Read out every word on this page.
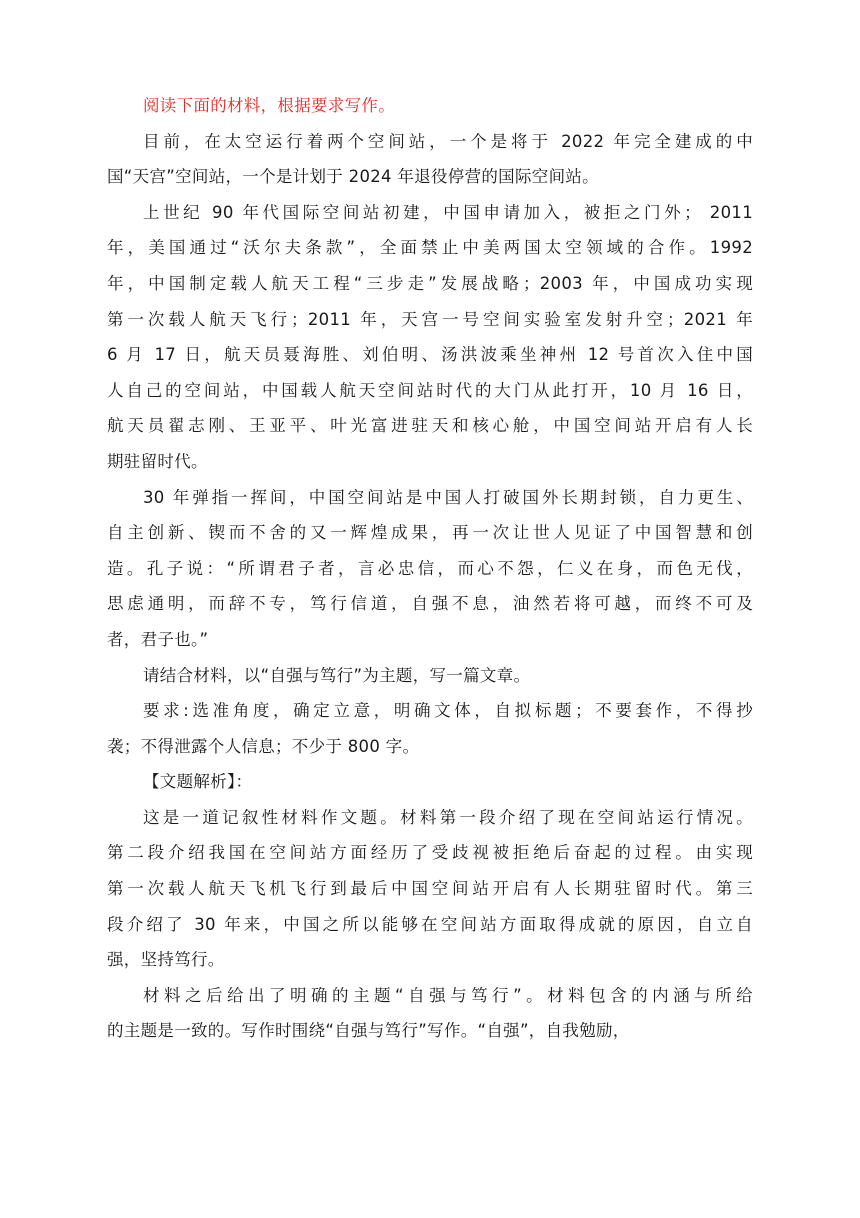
阅读下面的材料，根据要求写作。
目前，在太空运行着两个空间站，一个是将于 2022 年完全建成的中
国“天宫”空间站，一个是计划于 2024 年退役停营的国际空间站。
上世纪 90 年代国际空间站初建，中国申请加入，被拒之门外； 2011
年，美国通过“沃尔夫条款”，全面禁止中美两国太空领域的合作。1992
年，中国制定载人航天工程“三步走”发展战略；2003 年，中国成功实现
第一次载人航天飞行；2011 年，天宫一号空间实验室发射升空；2021 年
6 月 17 日，航天员聂海胜、刘伯明、汤洪波乘坐神州 12 号首次入住中国
人自己的空间站，中国载人航天空间站时代的大门从此打开，10 月 16 日，
航天员翟志刚、王亚平、叶光富进驻天和核心舱，中国空间站开启有人长
期驻留时代。
30 年弹指一挥间，中国空间站是中国人打破国外长期封锁，自力更生、
自主创新、锲而不舍的又一辉煌成果，再一次让世人见证了中国智慧和创
造。孔子说：“所谓君子者，言必忠信，而心不怨，仁义在身，而色无伐，
思虑通明，而辞不专，笃行信道，自强不息，油然若将可越，而终不可及
者，君子也。”
请结合材料，以“自强与笃行”为主题，写一篇文章。
要求:选准角度，确定立意，明确文体，自拟标题；不要套作，不得抄
袭；不得泄露个人信息；不少于 800 字。
【文题解析】：
这是一道记叙性材料作文题。材料第一段介绍了现在空间站运行情况。
第二段介绍我国在空间站方面经历了受歧视被拒绝后奋起的过程。由实现
第一次载人航天飞机飞行到最后中国空间站开启有人长期驻留时代。第三
段介绍了 30 年来，中国之所以能够在空间站方面取得成就的原因，自立自
强，坚持笃行。
材料之后给出了明确的主题“自强与笃行”。材料包含的内涵与所给
的主题是一致的。写作时围绕“自强与笃行”写作。“自强”，自我勉励，
